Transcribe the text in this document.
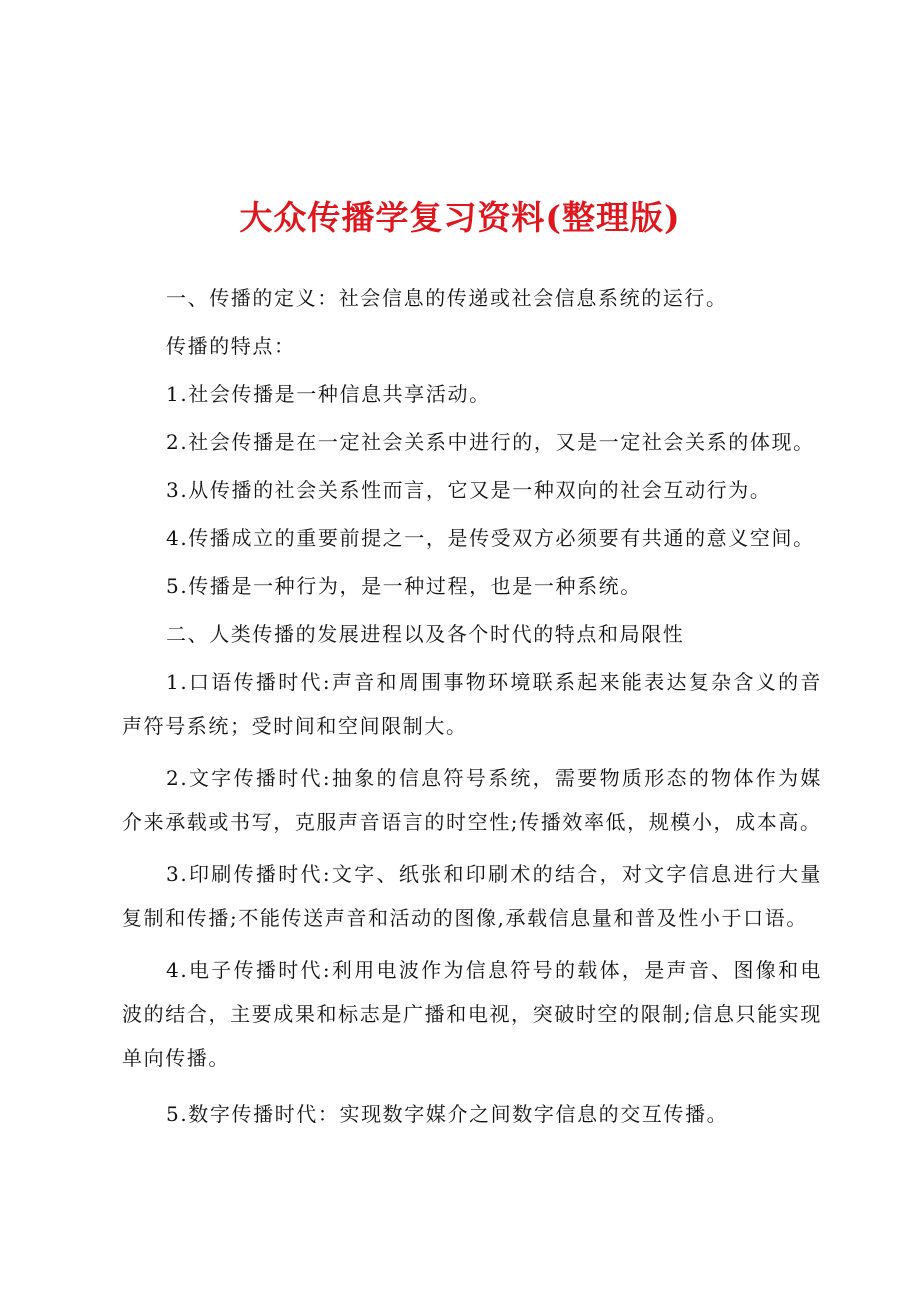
大众传播学复习资料(整理版)

一、传播的定义：社会信息的传递或社会信息系统的运行。

传播的特点：

1.社会传播是一种信息共享活动。

2.社会传播是在一定社会关系中进行的，又是一定社会关系的体现。

3.从传播的社会关系性而言，它又是一种双向的社会互动行为。

4.传播成立的重要前提之一，是传受双方必须要有共通的意义空间。

5.传播是一种行为，是一种过程，也是一种系统。

二、人类传播的发展进程以及各个时代的特点和局限性

1.口语传播时代:声音和周围事物环境联系起来能表达复杂含义的音声符号系统；受时间和空间限制大。

2.文字传播时代:抽象的信息符号系统，需要物质形态的物体作为媒介来承载或书写，克服声音语言的时空性;传播效率低，规模小，成本高。

3.印刷传播时代:文字、纸张和印刷术的结合，对文字信息进行大量复制和传播;不能传送声音和活动的图像,承载信息量和普及性小于口语。

4.电子传播时代:利用电波作为信息符号的载体，是声音、图像和电波的结合，主要成果和标志是广播和电视，突破时空的限制;信息只能实现单向传播。

5.数字传播时代：实现数字媒介之间数字信息的交互传播。
